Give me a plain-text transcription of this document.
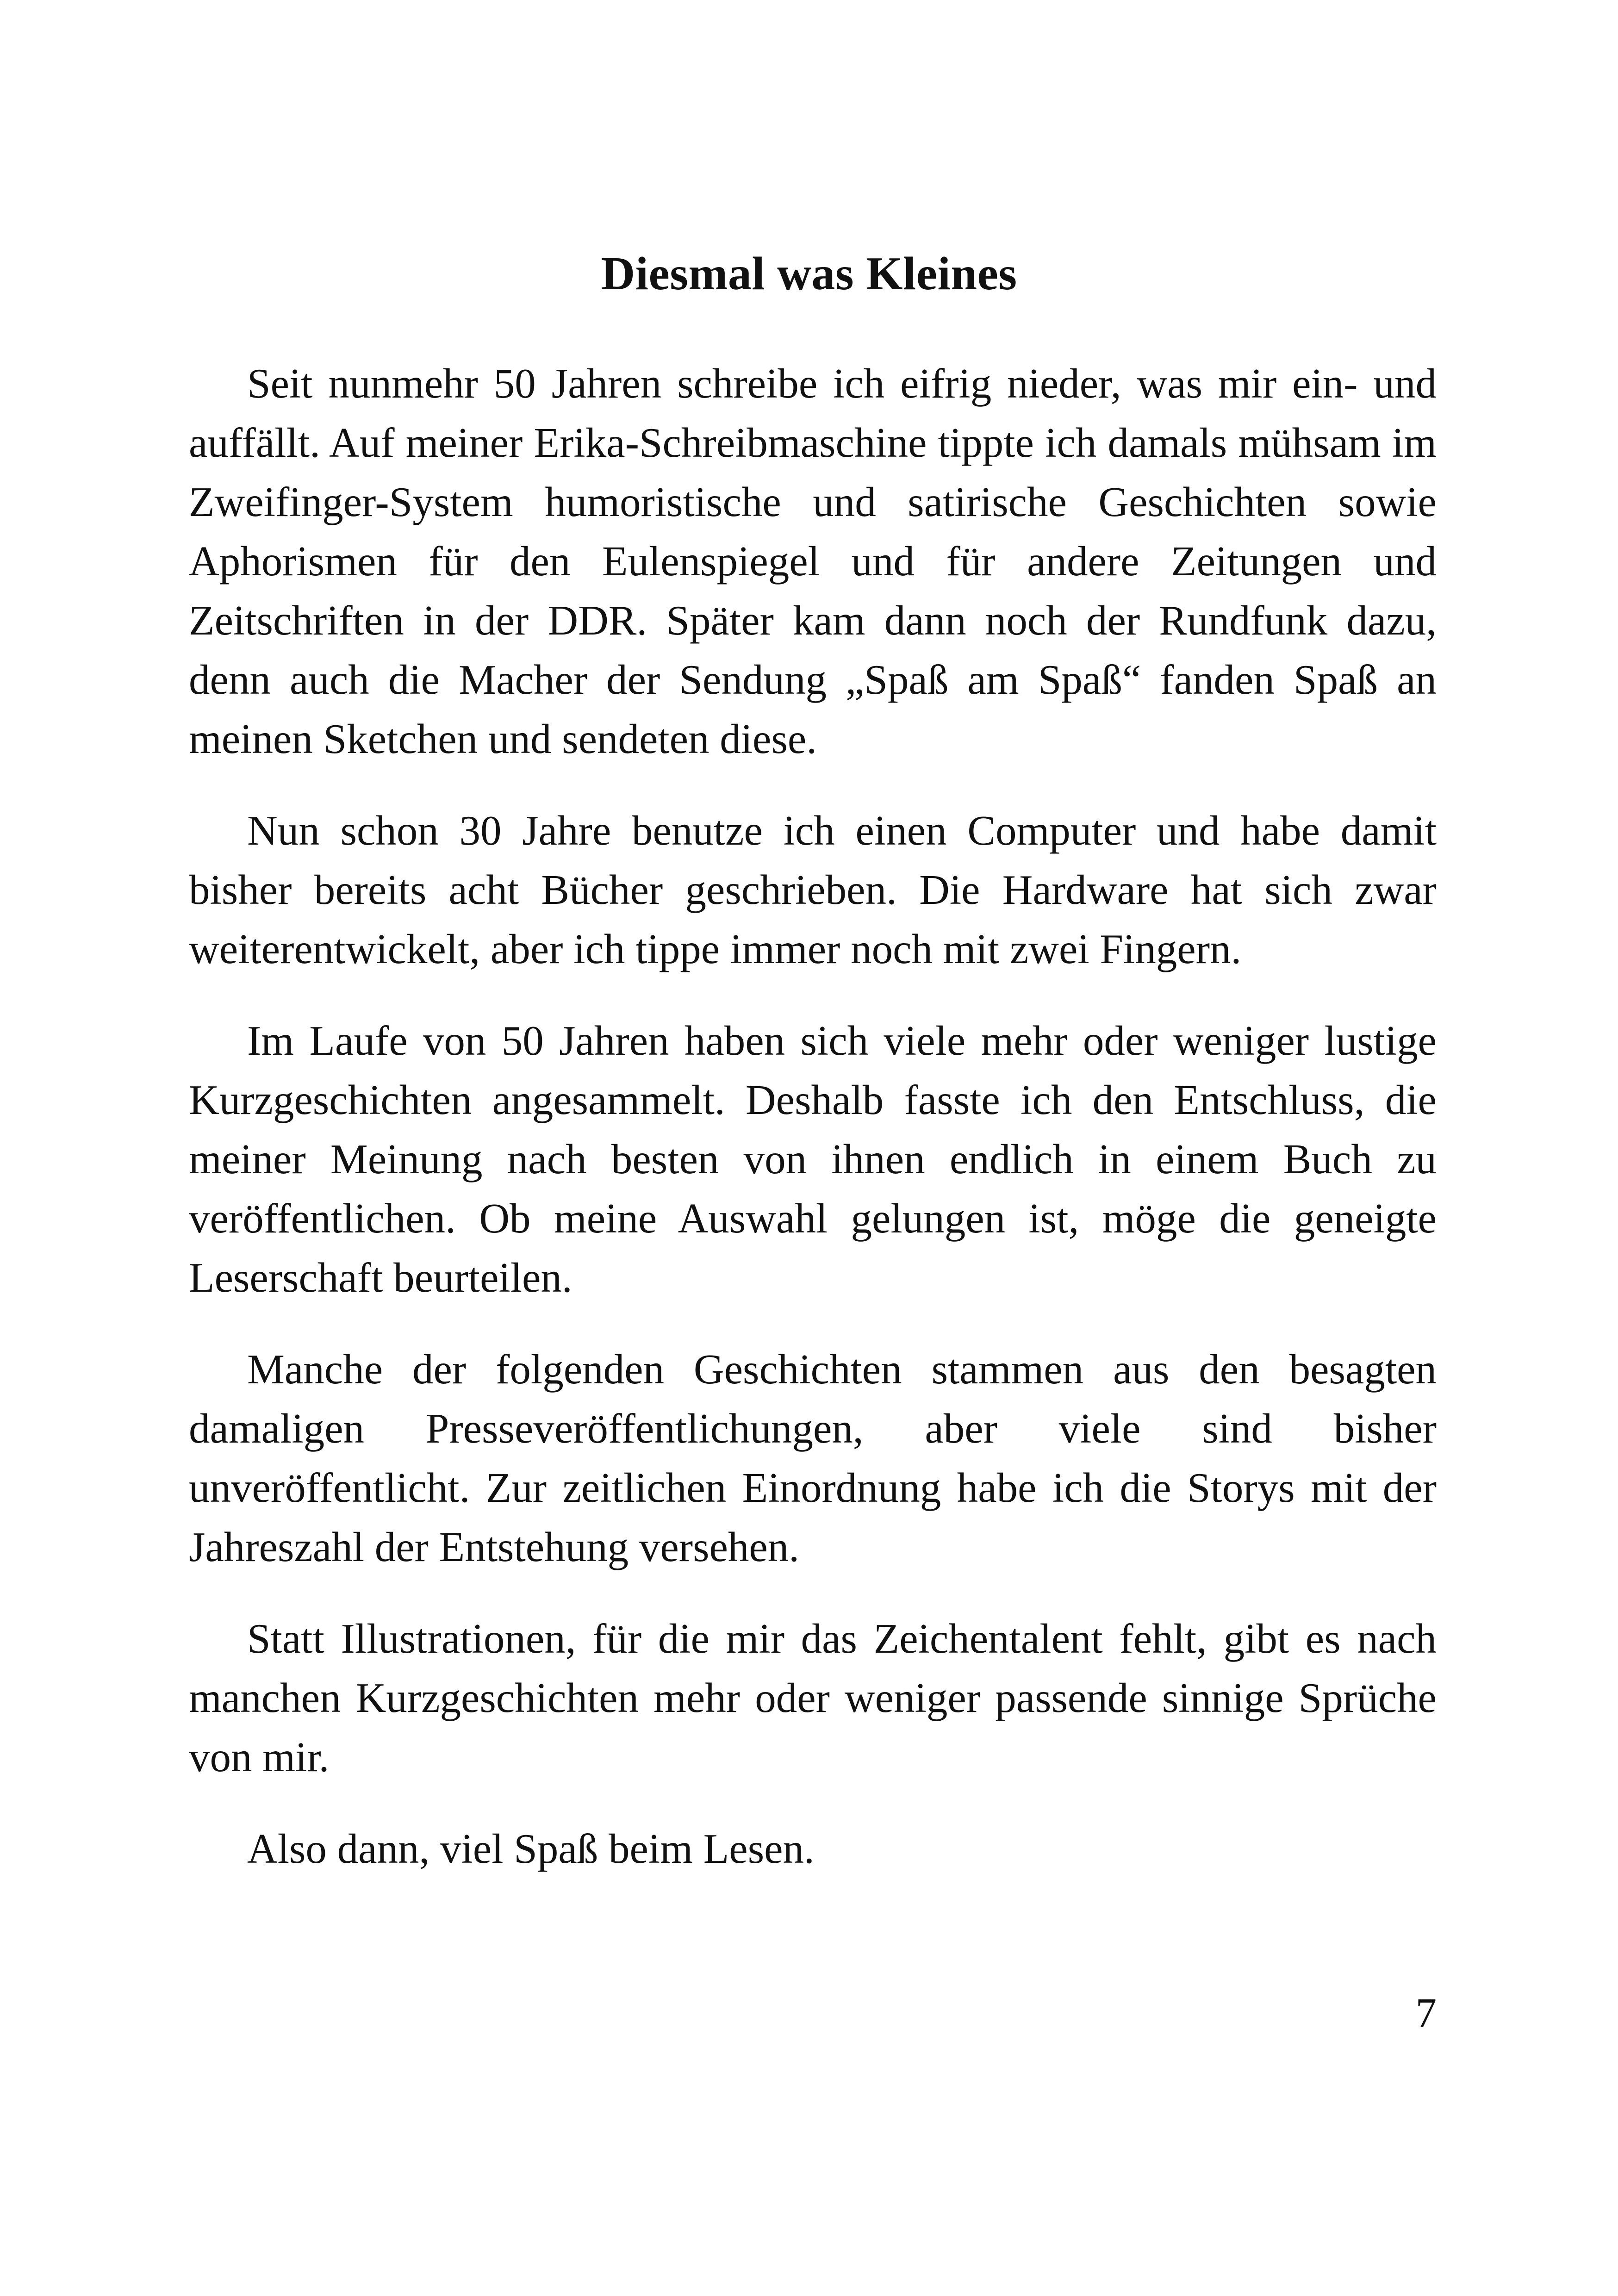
Diesmal was Kleines

Seit nunmehr 50 Jahren schreibe ich eifrig nieder, was mir ein- und auffällt. Auf meiner Erika-Schreibmaschine tippte ich damals mühsam im Zweifinger-System humoristische und satirische Geschichten sowie Aphorismen für den Eulenspiegel und für andere Zeitungen und Zeitschriften in der DDR. Später kam dann noch der Rundfunk dazu, denn auch die Macher der Sendung „Spaß am Spaß“ fanden Spaß an meinen Sketchen und sendeten diese.

Nun schon 30 Jahre benutze ich einen Computer und habe damit bisher bereits acht Bücher geschrieben. Die Hardware hat sich zwar weiterentwickelt, aber ich tippe immer noch mit zwei Fingern.

Im Laufe von 50 Jahren haben sich viele mehr oder weniger lustige Kurzgeschichten angesammelt. Deshalb fasste ich den Entschluss, die meiner Meinung nach besten von ihnen endlich in einem Buch zu veröffentlichen. Ob meine Auswahl gelungen ist, möge die geneigte Leserschaft beurteilen.

Manche der folgenden Geschichten stammen aus den besagten damaligen Presseveröffentlichungen, aber viele sind bisher unveröffentlicht. Zur zeitlichen Einordnung habe ich die Storys mit der Jahreszahl der Entstehung versehen.

Statt Illustrationen, für die mir das Zeichentalent fehlt, gibt es nach manchen Kurzgeschichten mehr oder weniger passende sinnige Sprüche von mir.

Also dann, viel Spaß beim Lesen.

7
